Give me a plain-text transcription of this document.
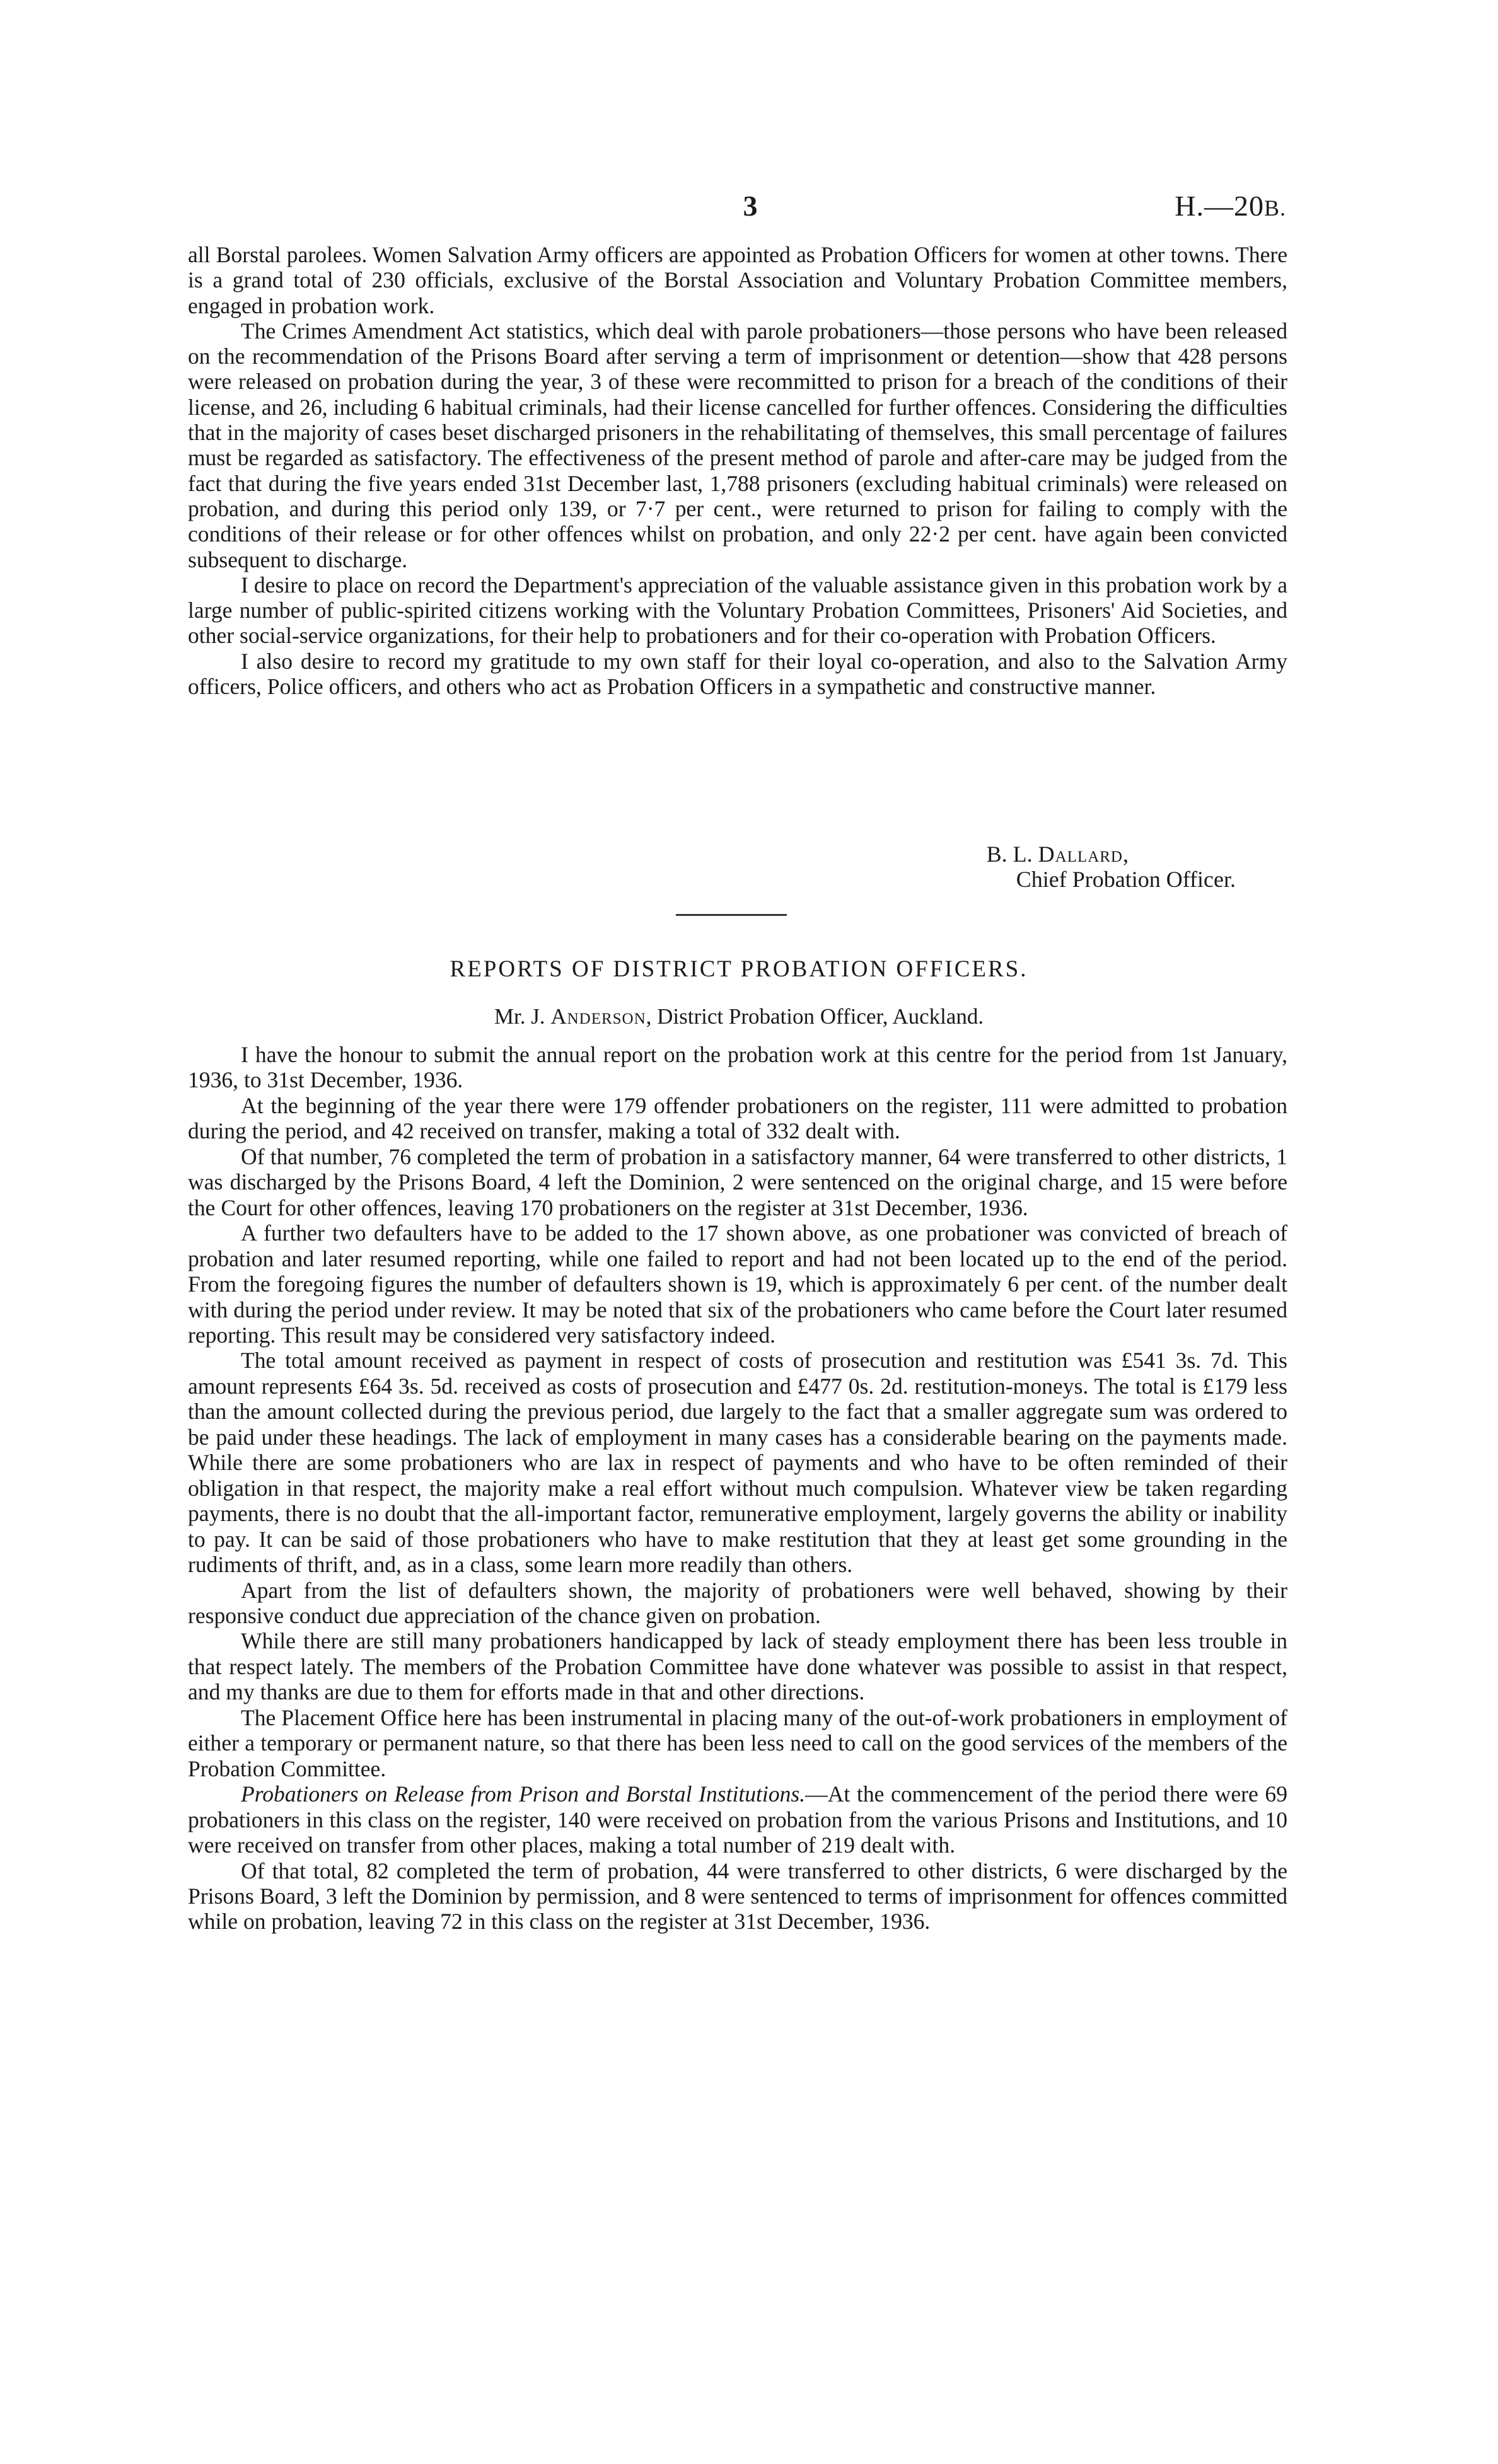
3	H.—20B.

all Borstal parolees. Women Salvation Army officers are appointed as Probation Officers for women at other towns. There is a grand total of 230 officials, exclusive of the Borstal Association and Voluntary Probation Committee members, engaged in probation work.

The Crimes Amendment Act statistics, which deal with parole probationers—those persons who have been released on the recommendation of the Prisons Board after serving a term of imprisonment or detention—show that 428 persons were released on probation during the year, 3 of these were recommitted to prison for a breach of the conditions of their license, and 26, including 6 habitual criminals, had their license cancelled for further offences. Considering the difficulties that in the majority of cases beset discharged prisoners in the rehabilitating of themselves, this small percentage of failures must be regarded as satisfactory. The effectiveness of the present method of parole and after-care may be judged from the fact that during the five years ended 31st December last, 1,788 prisoners (excluding habitual criminals) were released on probation, and during this period only 139, or 7·7 per cent., were returned to prison for failing to comply with the conditions of their release or for other offences whilst on probation, and only 22·2 per cent. have again been convicted subsequent to discharge.

I desire to place on record the Department's appreciation of the valuable assistance given in this probation work by a large number of public-spirited citizens working with the Voluntary Probation Committees, Prisoners' Aid Societies, and other social-service organizations, for their help to probationers and for their co-operation with Probation Officers.

I also desire to record my gratitude to my own staff for their loyal co-operation, and also to the Salvation Army officers, Police officers, and others who act as Probation Officers in a sympathetic and constructive manner.

B. L. Dallard,
Chief Probation Officer.
REPORTS OF DISTRICT PROBATION OFFICERS.
Mr. J. Anderson, District Probation Officer, Auckland.

I have the honour to submit the annual report on the probation work at this centre for the period from 1st January, 1936, to 31st December, 1936.

At the beginning of the year there were 179 offender probationers on the register, 111 were admitted to probation during the period, and 42 received on transfer, making a total of 332 dealt with.

Of that number, 76 completed the term of probation in a satisfactory manner, 64 were transferred to other districts, 1 was discharged by the Prisons Board, 4 left the Dominion, 2 were sentenced on the original charge, and 15 were before the Court for other offences, leaving 170 probationers on the register at 31st December, 1936.

A further two defaulters have to be added to the 17 shown above, as one probationer was convicted of breach of probation and later resumed reporting, while one failed to report and had not been located up to the end of the period. From the foregoing figures the number of defaulters shown is 19, which is approximately 6 per cent. of the number dealt with during the period under review. It may be noted that six of the probationers who came before the Court later resumed reporting. This result may be considered very satisfactory indeed.

The total amount received as payment in respect of costs of prosecution and restitution was £541 3s. 7d. This amount represents £64 3s. 5d. received as costs of prosecution and £477 0s. 2d. restitution-moneys. The total is £179 less than the amount collected during the previous period, due largely to the fact that a smaller aggregate sum was ordered to be paid under these headings. The lack of employment in many cases has a considerable bearing on the payments made. While there are some probationers who are lax in respect of payments and who have to be often reminded of their obligation in that respect, the majority make a real effort without much compulsion. Whatever view be taken regarding payments, there is no doubt that the all-important factor, remunerative employment, largely governs the ability or inability to pay. It can be said of those probationers who have to make restitution that they at least get some grounding in the rudiments of thrift, and, as in a class, some learn more readily than others.

Apart from the list of defaulters shown, the majority of probationers were well behaved, showing by their responsive conduct due appreciation of the chance given on probation.

While there are still many probationers handicapped by lack of steady employment there has been less trouble in that respect lately. The members of the Probation Committee have done whatever was possible to assist in that respect, and my thanks are due to them for efforts made in that and other directions.

The Placement Office here has been instrumental in placing many of the out-of-work probationers in employment of either a temporary or permanent nature, so that there has been less need to call on the good services of the members of the Probation Committee.

Probationers on Release from Prison and Borstal Institutions.—At the commencement of the period there were 69 probationers in this class on the register, 140 were received on probation from the various Prisons and Institutions, and 10 were received on transfer from other places, making a total number of 219 dealt with.

Of that total, 82 completed the term of probation, 44 were transferred to other districts, 6 were discharged by the Prisons Board, 3 left the Dominion by permission, and 8 were sentenced to terms of imprisonment for offences committed while on probation, leaving 72 in this class on the register at 31st December, 1936.
